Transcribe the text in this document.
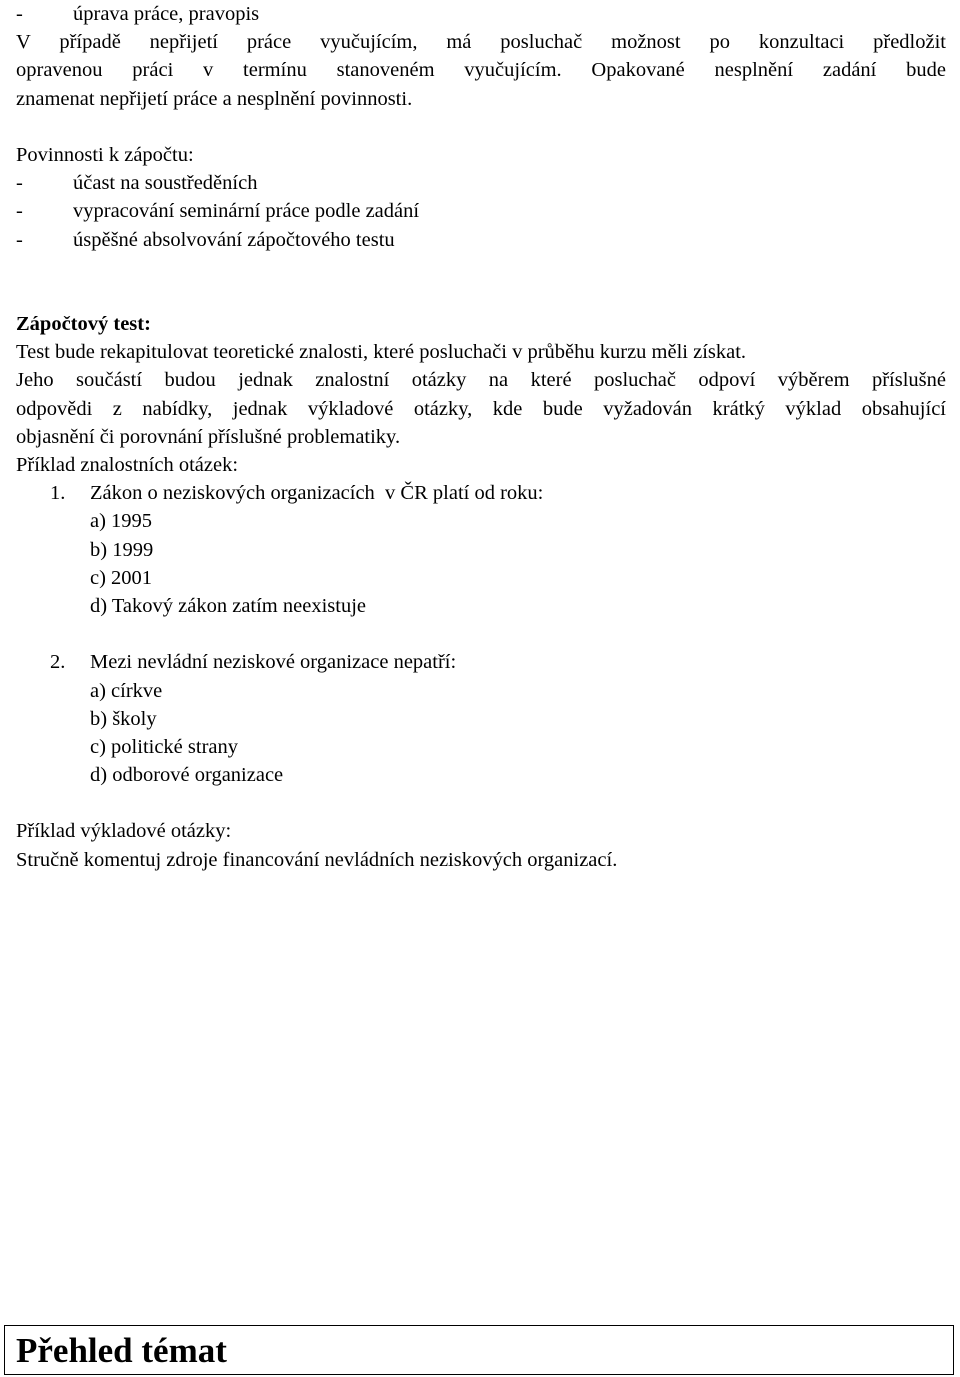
-	úprava práce, pravopis
V případě nepřijetí práce vyučujícím, má posluchač možnost po konzultaci předložit
opravenou práci v termínu stanoveném vyučujícím. Opakované nesplnění zadání bude
znamenat nepřijetí práce a nesplnění povinnosti.
Povinnosti k zápočtu:
-	účast na soustředěních
-	vypracování seminární práce podle zadání
-	úspěšné absolvování zápočtového testu
Zápočtový test:
Test bude rekapitulovat teoretické znalosti, které posluchači v průběhu kurzu měli získat.
Jeho součástí budou jednak znalostní otázky na které posluchač odpoví výběrem příslušné
odpovědi z nabídky, jednak výkladové otázky, kde bude vyžadován krátký výklad obsahující
objasnění či porovnání příslušné problematiky.
Příklad znalostních otázek:
1.	Zákon o neziskových organizacích  v ČR platí od roku:
a) 1995
b) 1999
c) 2001
d) Takový zákon zatím neexistuje
2.	Mezi nevládní neziskové organizace nepatří:
a) církve
b) školy
c) politické strany
d) odborové organizace
Příklad výkladové otázky:
Stručně komentuj zdroje financování nevládních neziskových organizací.
Přehled témat
